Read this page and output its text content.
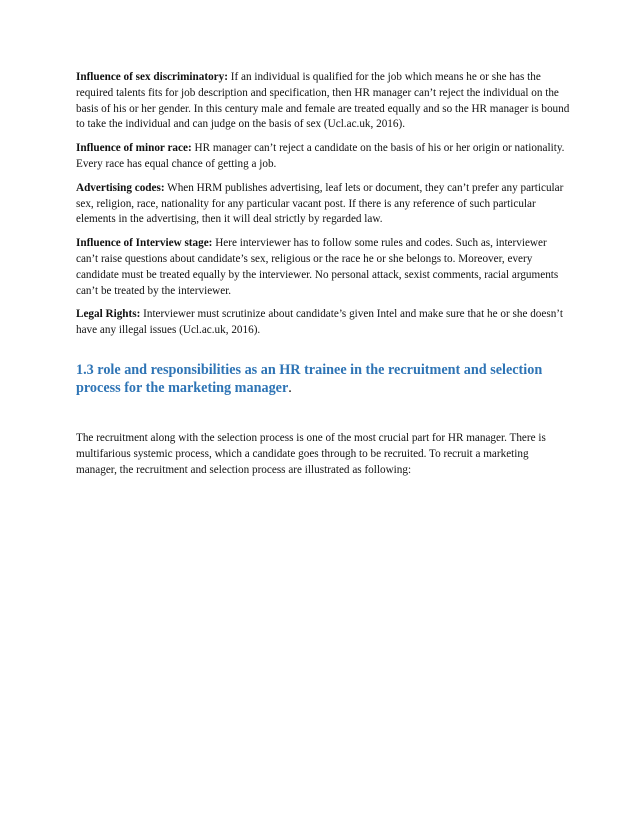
Influence of sex discriminatory: If an individual is qualified for the job which means he or she has the required talents fits for job description and specification, then HR manager can’t reject the individual on the basis of his or her gender. In this century male and female are treated equally and so the HR manager is bound to take the individual and can judge on the basis of sex (Ucl.ac.uk, 2016).

Influence of minor race: HR manager can’t reject a candidate on the basis of his or her origin or nationality. Every race has equal chance of getting a job.

Advertising codes: When HRM publishes advertising, leaf lets or document, they can’t prefer any particular sex, religion, race, nationality for any particular vacant post. If there is any reference of such particular elements in the advertising, then it will deal strictly by regarded law.

Influence of Interview stage: Here interviewer has to follow some rules and codes. Such as, interviewer can’t raise questions about candidate’s sex, religious or the race he or she belongs to. Moreover, every candidate must be treated equally by the interviewer. No personal attack, sexist comments, racial arguments can’t be treated by the interviewer.

Legal Rights: Interviewer must scrutinize about candidate’s given Intel and make sure that he or she doesn’t have any illegal issues (Ucl.ac.uk, 2016).

1.3 role and responsibilities as an HR trainee in the recruitment and selection process for the marketing manager.

The recruitment along with the selection process is one of the most crucial part for HR manager. There is multifarious systemic process, which a candidate goes through to be recruited. To recruit a marketing manager, the recruitment and selection process are illustrated as following:
